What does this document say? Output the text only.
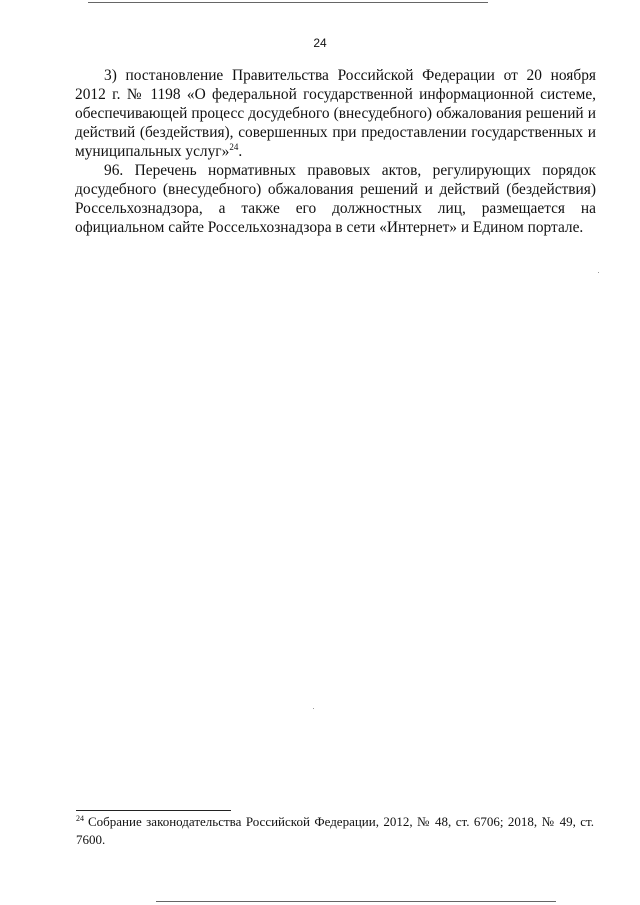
24

3) постановление Правительства Российской Федерации от 20 ноября 2012 г. № 1198 «О федеральной государственной информационной системе, обеспечивающей процесс досудебного (внесудебного) обжалования решений и действий (бездействия), совершенных при предоставлении государственных и муниципальных услуг»$^{24}$.

96. Перечень нормативных правовых актов, регулирующих порядок досудебного (внесудебного) обжалования решений и действий (бездействия) Россельхознадзора, а также его должностных лиц, размещается на официальном сайте Россельхознадзора в сети «Интернет» и Едином портале.

$^{24}$ Собрание законодательства Российской Федерации, 2012, № 48, ст. 6706; 2018, № 49, ст. 7600.
